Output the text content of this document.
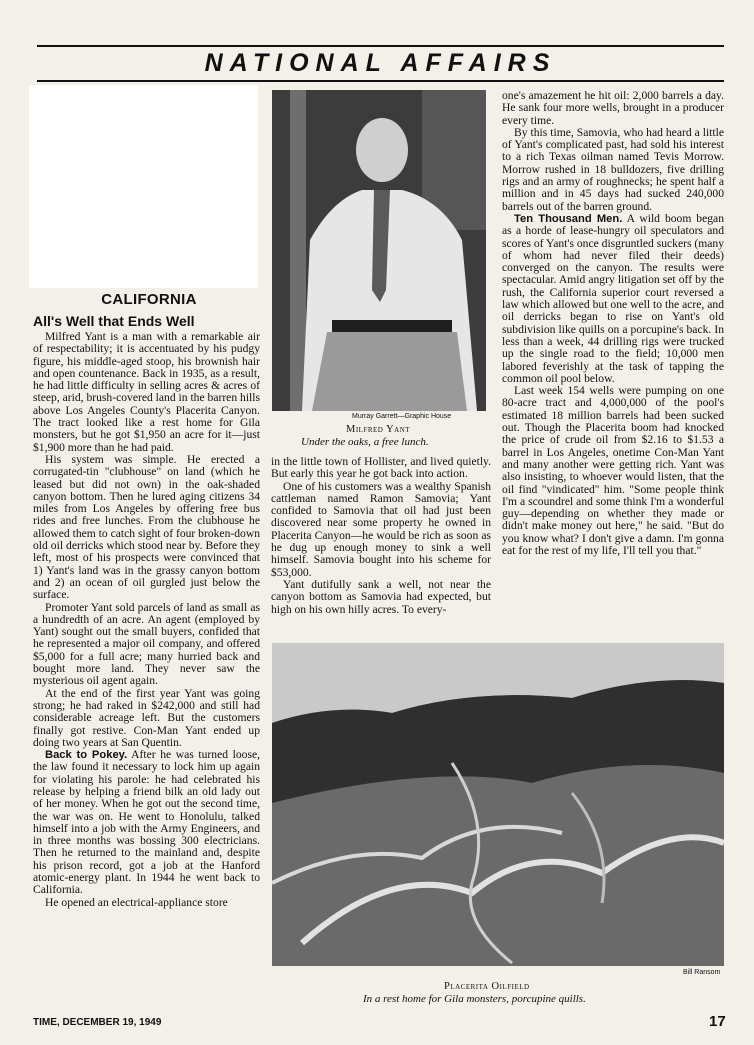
NATIONAL AFFAIRS
CALIFORNIA
All's Well that Ends Well

Milfred Yant is a man with a remarkable air of respectability; it is accentuated by his pudgy figure, his middle-aged stoop, his brownish hair and open countenance. Back in 1935, as a result, he had little difficulty in selling acres & acres of steep, arid, brush-covered land in the barren hills above Los Angeles County's Placerita Canyon. The tract looked like a rest home for Gila monsters, but he got $1,950 an acre for it—just $1,900 more than he had paid.

His system was simple. He erected a corrugated-tin "clubhouse" on land (which he leased but did not own) in the oak-shaded canyon bottom. Then he lured aging citizens 34 miles from Los Angeles by offering free bus rides and free lunches. From the clubhouse he allowed them to catch sight of four broken-down old oil derricks which stood near by. Before they left, most of his prospects were convinced that 1) Yant's land was in the grassy canyon bottom and 2) an ocean of oil gurgled just below the surface.

Promoter Yant sold parcels of land as small as a hundredth of an acre. An agent (employed by Yant) sought out the small buyers, confided that he represented a major oil company, and offered $5,000 for a full acre; many hurried back and bought more land. They never saw the mysterious oil agent again.

At the end of the first year Yant was going strong; he had raked in $242,000 and still had considerable acreage left. But the customers finally got restive. Con-Man Yant ended up doing two years at San Quentin.

Back to Pokey. After he was turned loose, the law found it necessary to lock him up again for violating his parole: he had celebrated his release by helping a friend bilk an old lady out of her money. When he got out the second time, the war was on. He went to Honolulu, talked himself into a job with the Army Engineers, and in three months was bossing 300 electricians. Then he returned to the mainland and, despite his prison record, got a job at the Hanford atomic-energy plant. In 1944 he went back to California.

He opened an electrical-appliance store

Murray Garrett—Graphic House
Milfred Yant
Under the oaks, a free lunch.

in the little town of Hollister, and lived quietly. But early this year he got back into action.

One of his customers was a wealthy Spanish cattleman named Ramon Samovia; Yant confided to Samovia that oil had just been discovered near some property he owned in Placerita Canyon—he would be rich as soon as he dug up enough money to sink a well himself. Samovia bought into his scheme for $53,000.

Yant dutifully sank a well, not near the canyon bottom as Samovia had expected, but high on his own hilly acres. To every-

one's amazement he hit oil: 2,000 barrels a day. He sank four more wells, brought in a producer every time.

By this time, Samovia, who had heard a little of Yant's complicated past, had sold his interest to a rich Texas oilman named Tevis Morrow. Morrow rushed in 18 bulldozers, five drilling rigs and an army of roughnecks; he spent half a million and in 45 days had sucked 240,000 barrels out of the barren ground.

Ten Thousand Men. A wild boom began as a horde of lease-hungry oil speculators and scores of Yant's once disgruntled suckers (many of whom had never filed their deeds) converged on the canyon. The results were spectacular. Amid angry litigation set off by the rush, the California superior court reversed a law which allowed but one well to the acre, and oil derricks began to rise on Yant's old subdivision like quills on a porcupine's back. In less than a week, 44 drilling rigs were trucked up the single road to the field; 10,000 men labored feverishly at the task of tapping the common oil pool below.

Last week 154 wells were pumping on one 80-acre tract and 4,000,000 of the pool's estimated 18 million barrels had been sucked out. Though the Placerita boom had knocked the price of crude oil from $2.16 to $1.53 a barrel in Los Angeles, onetime Con-Man Yant and many another were getting rich. Yant was also insisting, to whoever would listen, that the oil find "vindicated" him. "Some people think I'm a scoundrel and some think I'm a wonderful guy—depending on whether they made or didn't make money out here," he said. "But do you know what? I don't give a damn. I'm gonna eat for the rest of my life, I'll tell you that."

Bill Ransom
Placerita Oilfield
In a rest home for Gila monsters, porcupine quills.
TIME, DECEMBER 19, 1949	17
